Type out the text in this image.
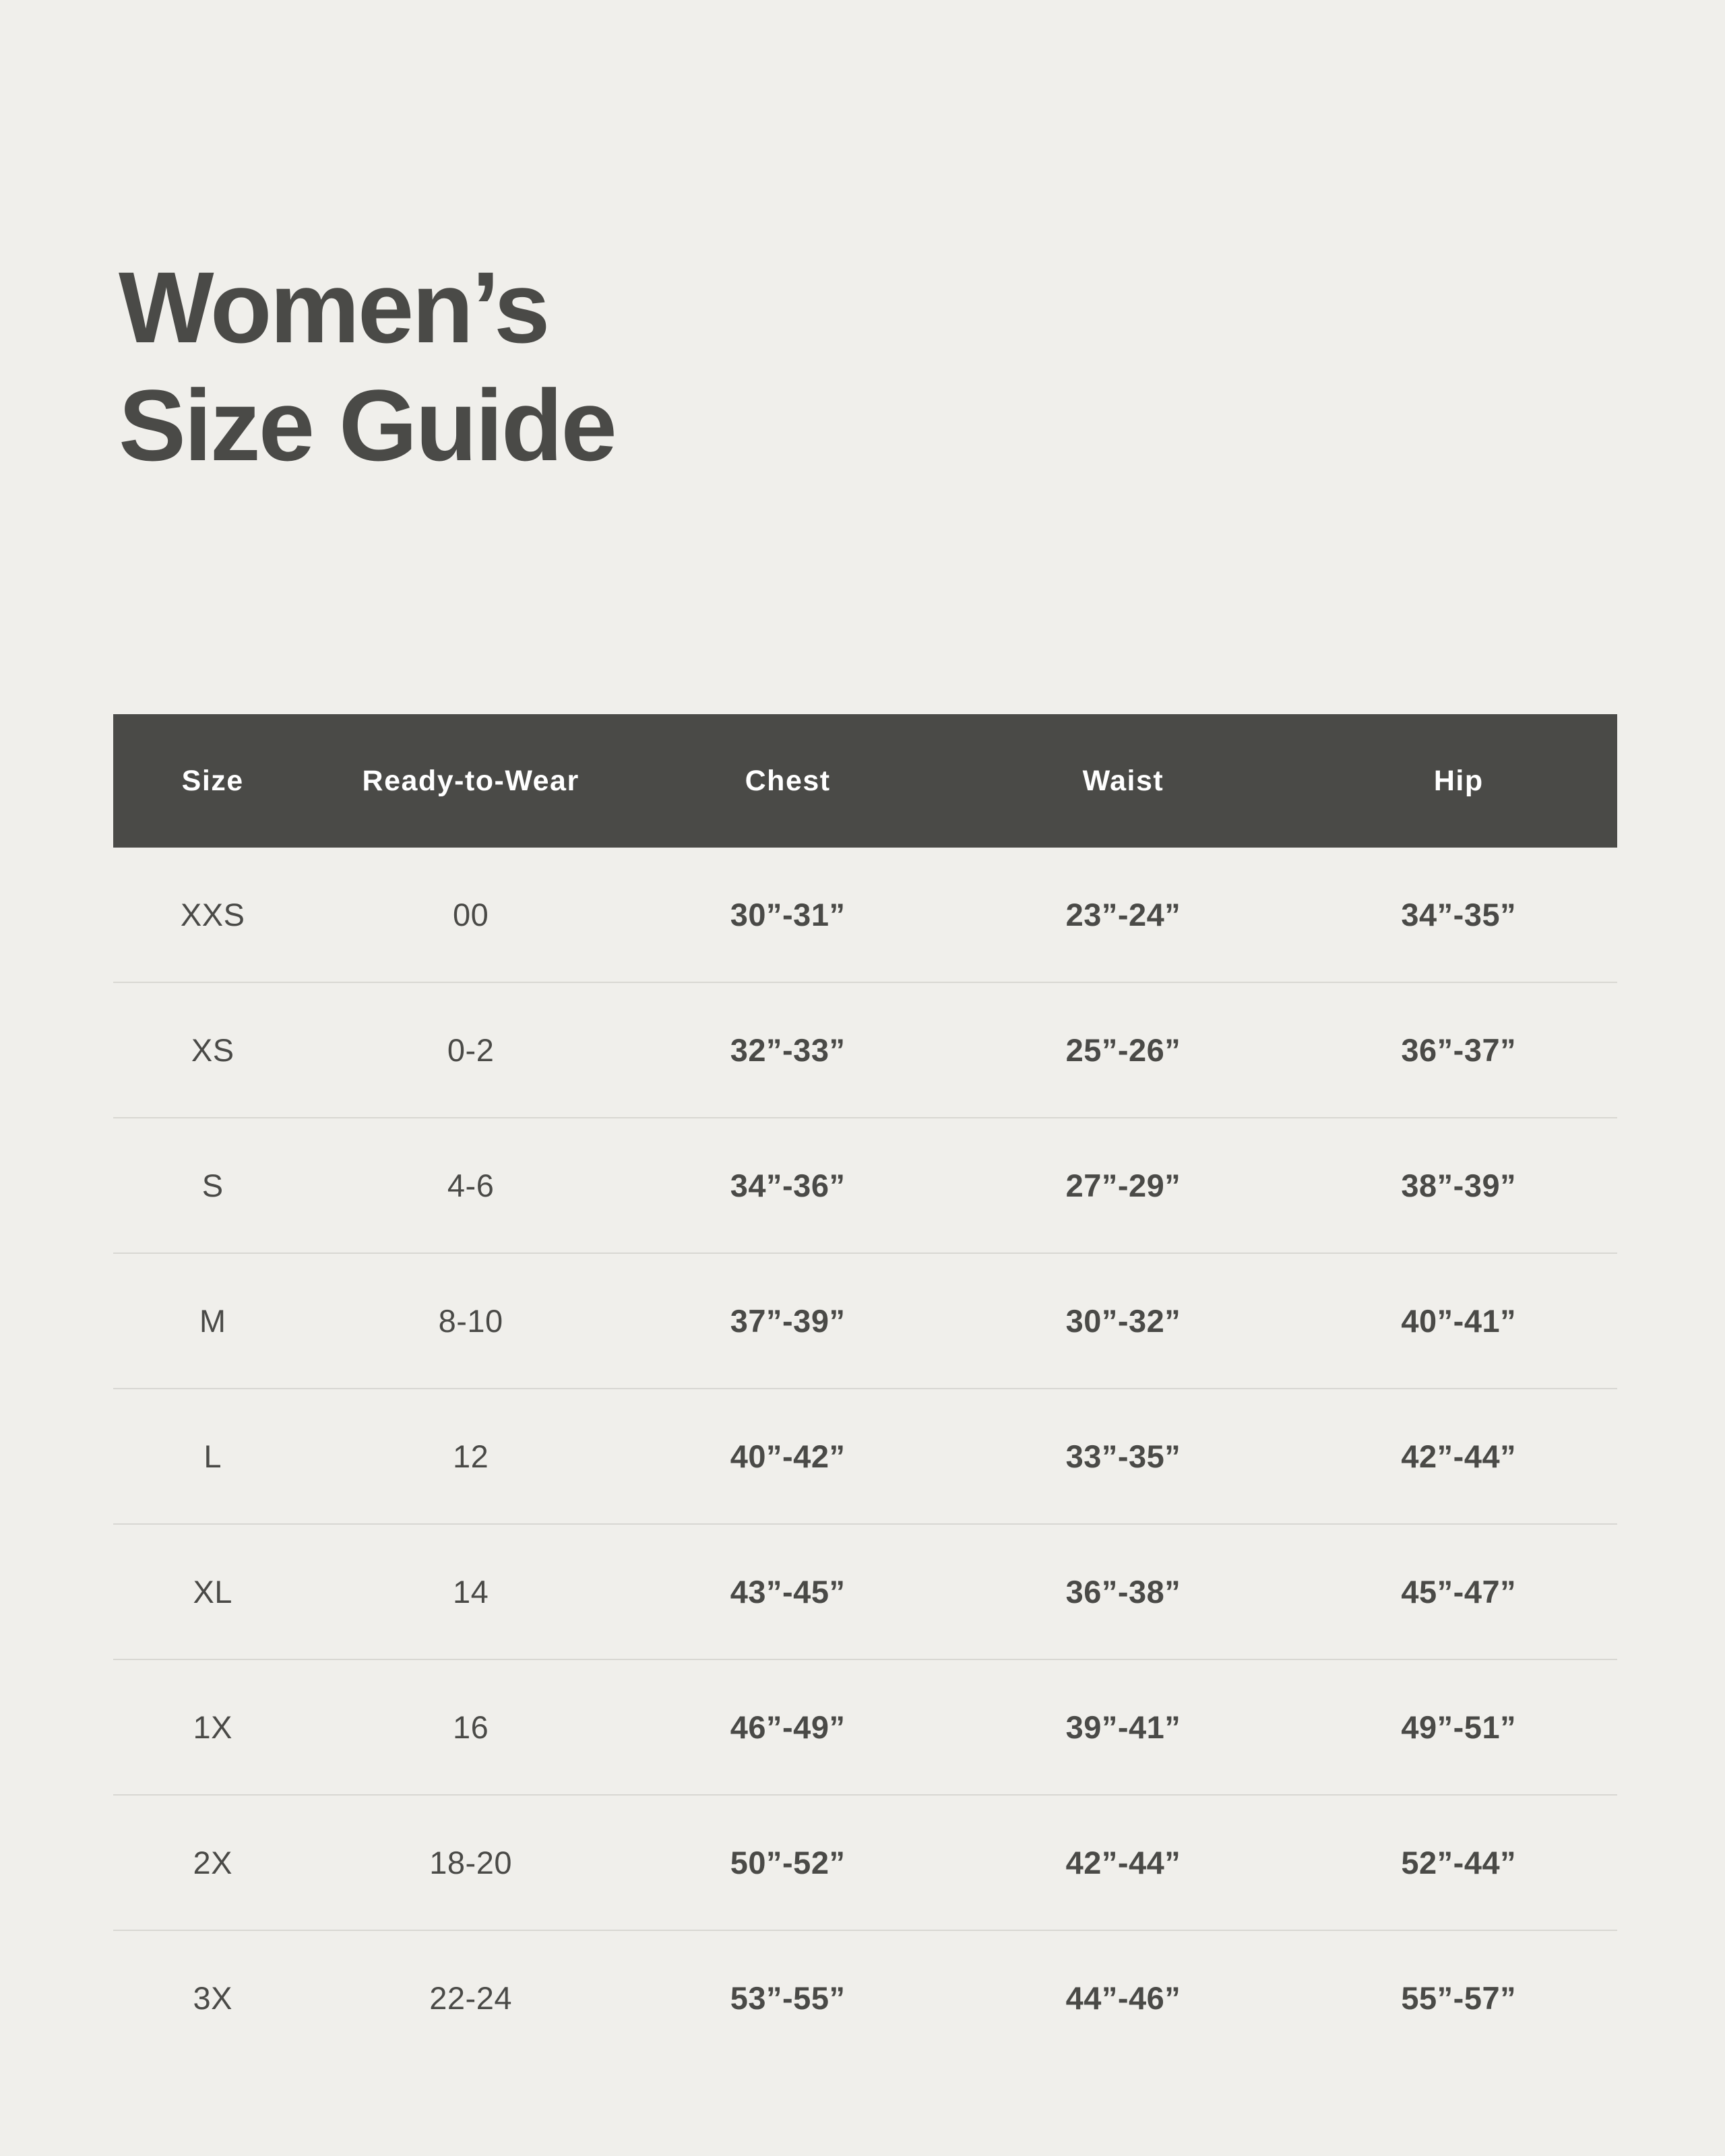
Women’s
Size Guide
Size	Ready-to-Wear	Chest	Waist	Hip
XXS	00	30”-31”	23”-24”	34”-35”
XS	0-2	32”-33”	25”-26”	36”-37”
S	4-6	34”-36”	27”-29”	38”-39”
M	8-10	37”-39”	30”-32”	40”-41”
L	12	40”-42”	33”-35”	42”-44”
XL	14	43”-45”	36”-38”	45”-47”
1X	16	46”-49”	39”-41”	49”-51”
2X	18-20	50”-52”	42”-44”	52”-44”
3X	22-24	53”-55”	44”-46”	55”-57”
